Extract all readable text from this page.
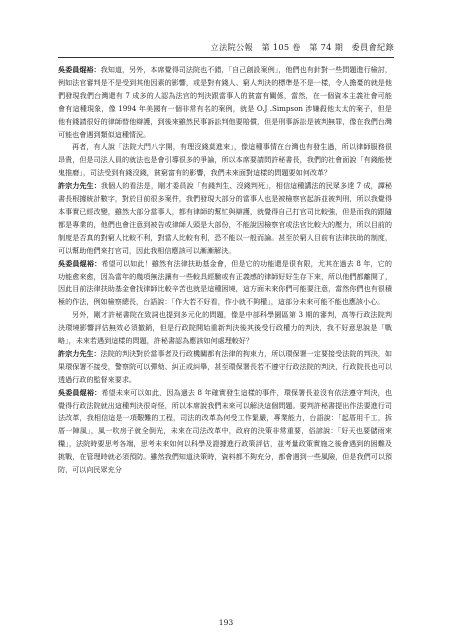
立法院公報　第 105 卷　第 74 期　委員會紀錄

吳委員焜裕：我知道，另外，本席覺得司法院也不錯，「自己創設案例」，他們也有針對一些問題進行檢討，例如法官審判是不是受到其他因素的影響，或是對有錢人、窮人判決的標準是不是一樣，令人擔憂的就是他們發現我們台灣還有 7 成多的人認為法官的判決跟當事人的貧富有關係，當然，在一個資本主義社會可能會有這種現象，像 1994 年美國有一個非常有名的案例，就是 O.J .Simpson 涉嫌殺他太太的案子，但是他有錢請很好的律師替他辯護，到後來雖然民事訴訟判他要賠償，但是刑事訴訟是被判無罪，像在我們台灣可能也會遇到類似這種情況。

再者，有人說「法院大門八字開，有理沒錢莫進來」，像這種事情在台灣也有發生過，所以律師服務很昂貴，但是司法人員的就法也是會引導很多的爭論，所以本席要請問許秘書長，我們的社會面說「有錢能使鬼推磨」，司法受到有錢沒錢，貧窮富有的影響，我們未來面對這樣的問題要如何改革？

許宗力先生：我個人的看法是，剛才委員說「有錢判生、沒錢判死」，相信這種講法的民眾多達 7 成，譚秘書長根據統計數字，對於目前很多案件，我們發現大部分的當事人也是被檢察官起訴並被判刑，所以我覺得本事實已經改變，雖然大部分當事人，都有律師的幫忙與辯護，就覺得自己打官司比較強，但是而我的跟隨都是專業的，他們也會注意到被告或律師人頭是大部份，不能說因檢察官或法官比較大的壓力，所以目前的制度是否真的對窮人比較不利，對當人比較有利，恐不能以一般而論。甚至於窮人目前有法律扶助的制度，可以幫助他們來打官司，因此我相信應該可以漸漸解決。

吳委員焜裕：希望可以如此！雖然有法律扶助基金會，但是它的功能還是很有限，尤其在過去 8 年，它的功能愈來愈，因為當年的幾項無法讓有一些較具經驗或有正義感的律師好好生存下來，所以他們都離開了，因此目前法律扶助基金會找律師比較辛苦也就是這種困境，這方面未來你們可能要注意，當然你們也有很積極的作法，例如檢察總長，台語說：「作大若不好看，作小就不夠權」，這部分未來可能不能也應該小心。

另外，剛才許秘書院在致詞也提到多元化的問題，像是中部科學園區第 3 期的審判，高等行政法院判決環境影響評估無效必須撤銷，但是行政院開始重新判決後其後受行政權力的判決，我不好意思說是「戰略」，未來若遇到這樣的問題，許秘書認為應該如何處理較好？

許宗力先生：法院的判決對於當事者及行政機關都有法律的拘束力，所以環保署一定要接受法院的判決，如果環保署不接受，警察院可以彈劾、糾正或糾舉，甚至環保署長若不遵守行政法院的判決，行政院長也可以透過行政的監督來要求。

吳委員焜裕：希望未來可以如此，因為過去 8 年確實發生這樣的事件，環保署長並沒有依法遵守判決，也覺得行政法院就出這種判決很奇怪，所以本席說我們未來可以解決這個問題。要判許秘書提出作法要進行司法改革，我相信這是一項艱難的工程，司法的改革為何受工作緊嚴，專業能力，台語說：「起厝用千工，拆厝一陣風」，風一吹房子就全倒光，未來在司法改革中，政府的決策非常重要，俗諺說：「好天也要儲雨來糧」，法院時要思考各端，思考未來如何以科學及證據進行政策評估，並考量政策實施之後會遇到的困難及挑戰，在管理時就必須預防。雖然我們知道決策時，資料都不夠充分，都會遇到一些風險，但是我們可以預防，可以向民眾充分

193
